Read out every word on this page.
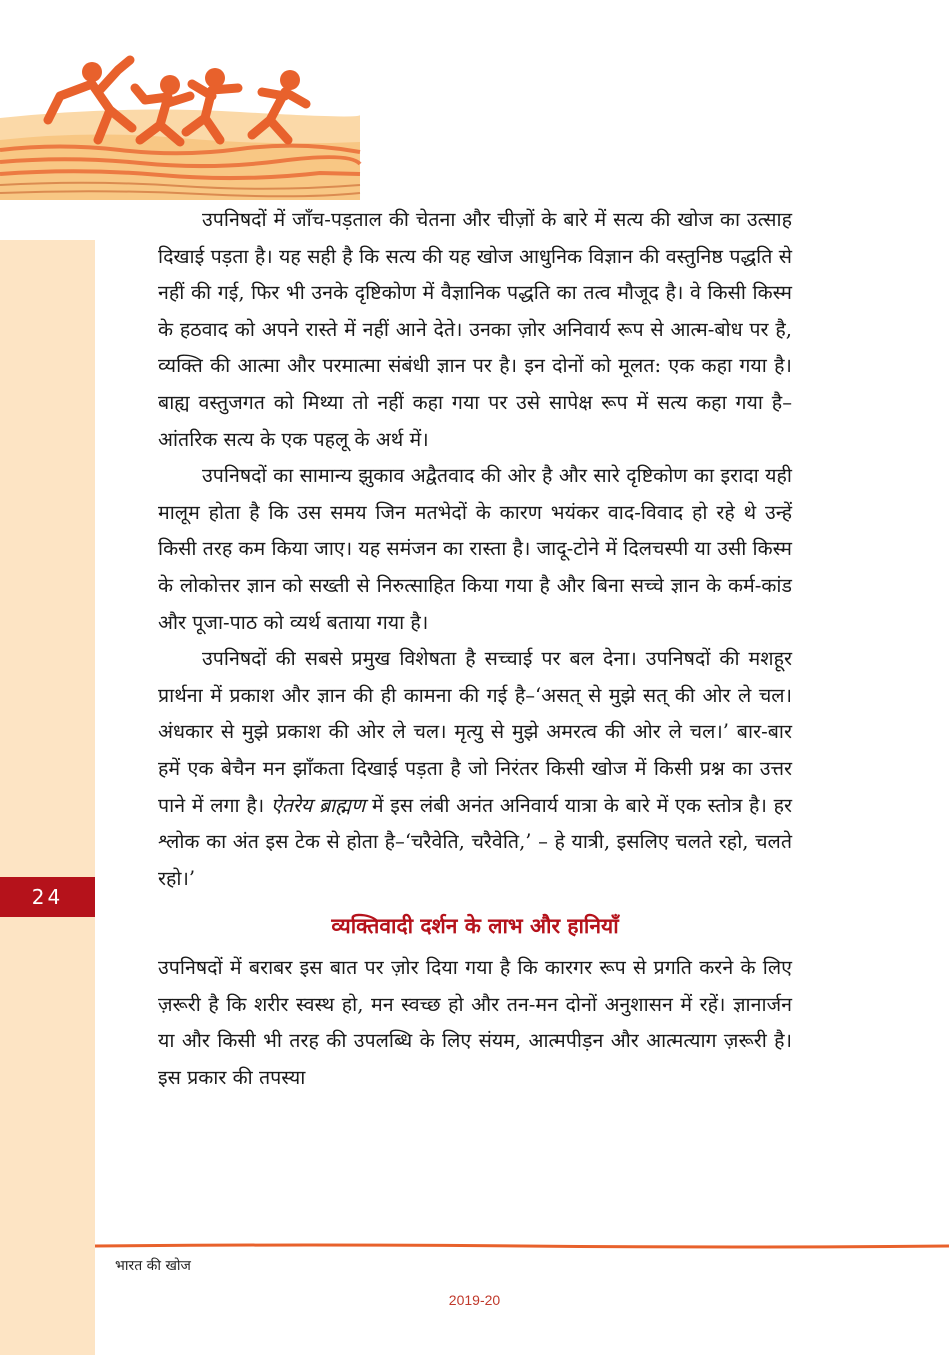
24

उपनिषदों में जाँच-पड़ताल की चेतना और चीज़ों के बारे में सत्य की खोज का उत्साह दिखाई पड़ता है। यह सही है कि सत्य की यह खोज आधुनिक विज्ञान की वस्तुनिष्ठ पद्धति से नहीं की गई, फिर भी उनके दृष्टिकोण में वैज्ञानिक पद्धति का तत्व मौजूद है। वे किसी किस्म के हठवाद को अपने रास्ते में नहीं आने देते। उनका ज़ोर अनिवार्य रूप से आत्म-बोध पर है, व्यक्ति की आत्मा और परमात्मा संबंधी ज्ञान पर है। इन दोनों को मूलत: एक कहा गया है। बाह्य वस्तुजगत को मिथ्या तो नहीं कहा गया पर उसे सापेक्ष रूप में सत्य कहा गया है–आंतरिक सत्य के एक पहलू के अर्थ में।

उपनिषदों का सामान्य झुकाव अद्वैतवाद की ओर है और सारे दृष्टिकोण का इरादा यही मालूम होता है कि उस समय जिन मतभेदों के कारण भयंकर वाद-विवाद हो रहे थे उन्हें किसी तरह कम किया जाए। यह समंजन का रास्ता है। जादू-टोने में दिलचस्पी या उसी किस्म के लोकोत्तर ज्ञान को सख्ती से निरुत्साहित किया गया है और बिना सच्चे ज्ञान के कर्म-कांड और पूजा-पाठ को व्यर्थ बताया गया है।

उपनिषदों की सबसे प्रमुख विशेषता है सच्चाई पर बल देना। उपनिषदों की मशहूर प्रार्थना में प्रकाश और ज्ञान की ही कामना की गई है–‘असत् से मुझे सत् की ओर ले चल। अंधकार से मुझे प्रकाश की ओर ले चल। मृत्यु से मुझे अमरत्व की ओर ले चल।’ बार-बार हमें एक बेचैन मन झाँकता दिखाई पड़ता है जो निरंतर किसी खोज में किसी प्रश्न का उत्तर पाने में लगा है। ऐतरेय ब्राह्मण में इस लंबी अनंत अनिवार्य यात्रा के बारे में एक स्तोत्र है। हर श्लोक का अंत इस टेक से होता है–‘चरैवेति, चरैवेति,’ – हे यात्री, इसलिए चलते रहो, चलते रहो।’

व्यक्तिवादी दर्शन के लाभ और हानियाँ

उपनिषदों में बराबर इस बात पर ज़ोर दिया गया है कि कारगर रूप से प्रगति करने के लिए ज़रूरी है कि शरीर स्वस्थ हो, मन स्वच्छ हो और तन-मन दोनों अनुशासन में रहें। ज्ञानार्जन या और किसी भी तरह की उपलब्धि के लिए संयम, आत्मपीड़न और आत्मत्याग ज़रूरी है। इस प्रकार की तपस्या

भारत की खोज
2019-20
